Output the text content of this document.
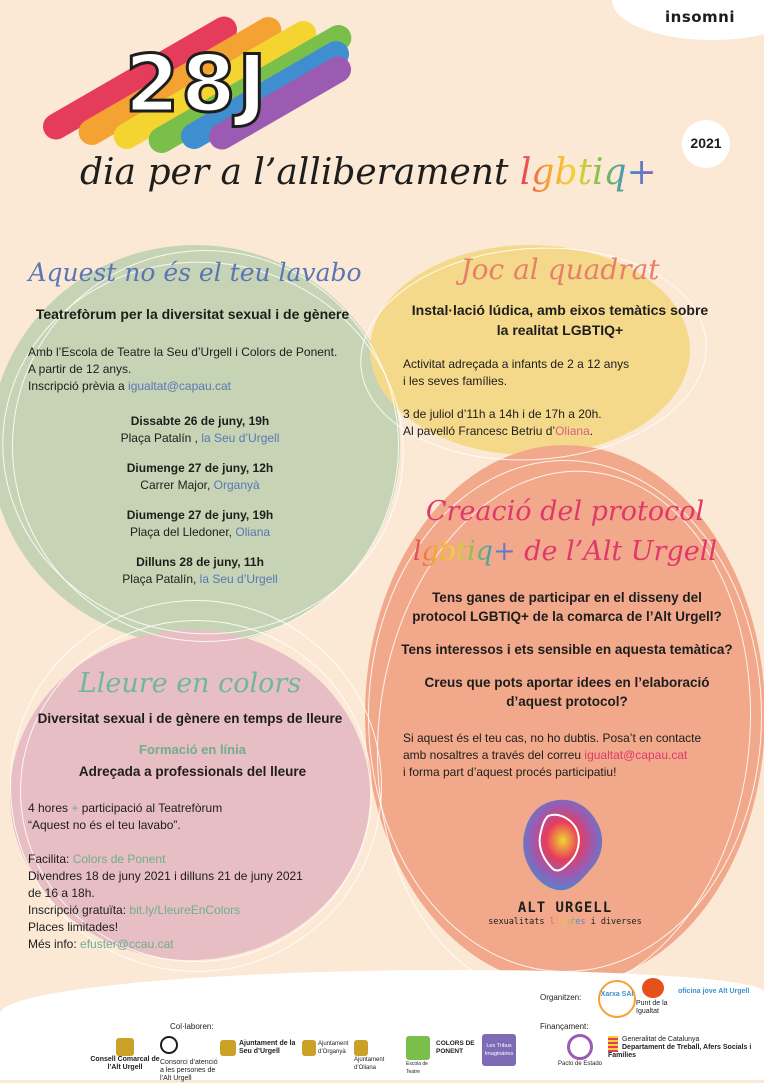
insomni
28J
2021
dia per a l’alliberament lgbtiq+
Aquest no és el teu lavabo
Teatrefòrum per la diversitat sexual i de gènere

Amb l’Escola de Teatre la Seu d’Urgell i Colors de Ponent.

A partir de 12 anys.

Inscripció prèvia a igualtat@capau.cat

Dissabte 26 de juny, 19h

Plaça Patalín , la Seu d’Urgell

Diumenge 27 de juny, 12h

Carrer Major, Organyà

Diumenge 27 de juny, 19h

Plaça del Lledoner, Oliana

Dilluns 28 de juny, 11h

Plaça Patalín, la Seu d’Urgell

Joc al quadrat

Instal·lació lúdica, amb eixos temàtics sobre

la realitat LGBTIQ+

Activitat adreçada a infants de 2 a 12 anys

i les seves famílies.

3 de juliol d’11h a 14h i de 17h a 20h.

Al pavelló Francesc Betriu d’Oliana.

Creació del protocol
lgbtiq+ de l’Alt Urgell

Tens ganes de participar en el disseny del

protocol LGBTIQ+ de la comarca de l’Alt Urgell?

Tens interessos i ets sensible en aquesta temàtica?

Creus que pots aportar idees en l’elaboració

d’aquest protocol?

Si aquest és el teu cas, no ho dubtis. Posa’t en contacte

amb nosaltres a través del correu igualtat@capau.cat

i forma part d’aquest procés participatiu!

ALT URGELL
sexualitats lliures i diverses
Lleure en colors
Diversitat sexual i de gènere en temps de lleure
Formació en línia
Adreçada a professionals del lleure

4 hores + participació al Teatrefòrum

“Aquest no és el teu lavabo”.

Facilita: Colors de Ponent

Divendres 18 de juny 2021 i dilluns 21 de juny 2021

de 16 a 18h.

Inscripció gratuïta: bit.ly/LleureEnColors

Places limitades!

Més info: efuster@ccau.cat

Organitzen:	Xarxa SAI
Punt de la Igualtat
oficina jove Alt Urgell
Col·laboren:
Consell Comarcal de l’Alt Urgell
Consorci d’atenció a les persones de l’Alt Urgell
Ajuntament de la Seu d’Urgell
Ajuntament d’Organyà
Ajuntament d’Oliana
Escola de Teatre
COLORS DE PONENT
Les Tribus Imaginàries
Finançament:
Pacto de Estado
Generalitat de Catalunya
Departament de Treball, Afers Socials i Famílies
